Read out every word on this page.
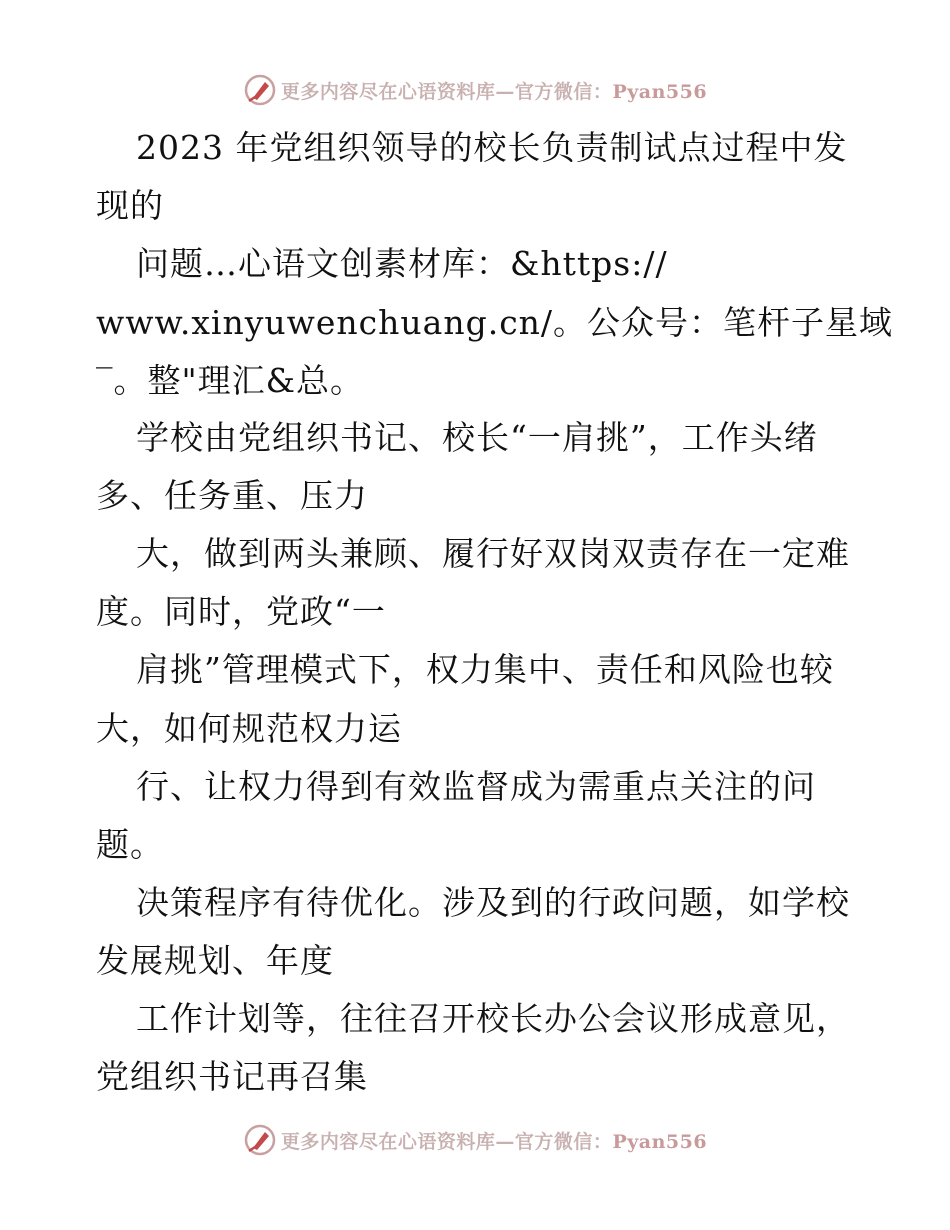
更多内容尽在心语资料库—官方微信：Pyan556
2023 年党组织领导的校长负责制试点过程中发
现的
问题…心语文创素材库：&https://
www.xinyuwenchuang.cn/。公众号：笔杆子星域
‾。整"理汇&总。
学校由党组织书记、校长“一肩挑”，工作头绪
多、任务重、压力
大，做到两头兼顾、履行好双岗双责存在一定难
度。同时，党政“一
肩挑”管理模式下，权力集中、责任和风险也较
大，如何规范权力运
行、让权力得到有效监督成为需重点关注的问
题。
决策程序有待优化。涉及到的行政问题，如学校
发展规划、年度
工作计划等，往往召开校长办公会议形成意见，
党组织书记再召集
更多内容尽在心语资料库—官方微信：Pyan556
